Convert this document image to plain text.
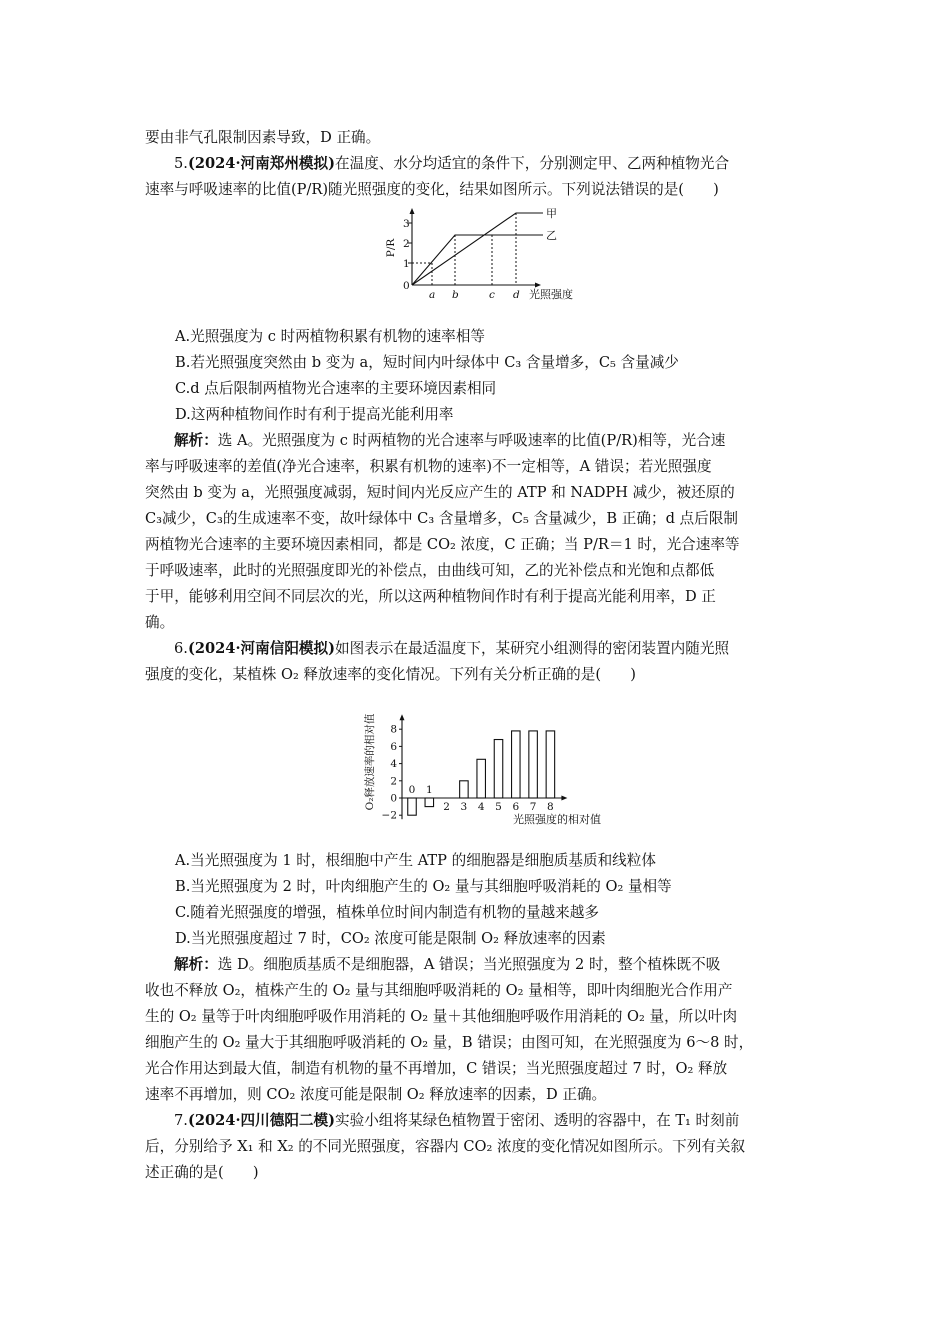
要由非气孔限制因素导致，D 正确。

5.(2024·河南郑州模拟)在温度、水分均适宜的条件下，分别测定甲、乙两种植物光合

速率与呼吸速率的比值(P/R)随光照强度的变化，结果如图所示。下列说法错误的是(　　)

3
2
1
0
P/R
甲
乙
a b	c d 光照强度

A.光照强度为 c 时两植物积累有机物的速率相等

B.若光照强度突然由 b 变为 a，短时间内叶绿体中 C₃ 含量增多，C₅ 含量减少

C.d 点后限制两植物光合速率的主要环境因素相同

D.这两种植物间作时有利于提高光能利用率

解析：选 A。光照强度为 c 时两植物的光合速率与呼吸速率的比值(P/R)相等，光合速

率与呼吸速率的差值(净光合速率，积累有机物的速率)不一定相等，A 错误；若光照强度

突然由 b 变为 a，光照强度减弱，短时间内光反应产生的 ATP 和 NADPH 减少，被还原的

C₃减少，C₃的生成速率不变，故叶绿体中 C₃ 含量增多，C₅ 含量减少，B 正确；d 点后限制

两植物光合速率的主要环境因素相同，都是 CO₂ 浓度，C 正确；当 P/R＝1 时，光合速率等

于呼吸速率，此时的光照强度即光的补偿点，由曲线可知，乙的光补偿点和光饱和点都低

于甲，能够利用空间不同层次的光，所以这两种植物间作时有利于提高光能利用率，D 正

确。

6.(2024·河南信阳模拟)如图表示在最适温度下，某研究小组测得的密闭装置内随光照

强度的变化，某植株 O₂ 释放速率的变化情况。下列有关分析正确的是(　　)

−2
0
2
4
6
8
0 1
2 3 4 5 6 7 8
O₂释放速率的相对值
光照强度的相对值

A.当光照强度为 1 时，根细胞中产生 ATP 的细胞器是细胞质基质和线粒体

B.当光照强度为 2 时，叶肉细胞产生的 O₂ 量与其细胞呼吸消耗的 O₂ 量相等

C.随着光照强度的增强，植株单位时间内制造有机物的量越来越多

D.当光照强度超过 7 时，CO₂ 浓度可能是限制 O₂ 释放速率的因素

解析：选 D。细胞质基质不是细胞器，A 错误；当光照强度为 2 时，整个植株既不吸

收也不释放 O₂，植株产生的 O₂ 量与其细胞呼吸消耗的 O₂ 量相等，即叶肉细胞光合作用产

生的 O₂ 量等于叶肉细胞呼吸作用消耗的 O₂ 量＋其他细胞呼吸作用消耗的 O₂ 量，所以叶肉

细胞产生的 O₂ 量大于其细胞呼吸消耗的 O₂ 量，B 错误；由图可知，在光照强度为 6～8 时，

光合作用达到最大值，制造有机物的量不再增加，C 错误；当光照强度超过 7 时，O₂ 释放

速率不再增加，则 CO₂ 浓度可能是限制 O₂ 释放速率的因素，D 正确。

7.(2024·四川德阳二模)实验小组将某绿色植物置于密闭、透明的容器中，在 T₁ 时刻前

后，分别给予 X₁ 和 X₂ 的不同光照强度，容器内 CO₂ 浓度的变化情况如图所示。下列有关叙

述正确的是(　　)
